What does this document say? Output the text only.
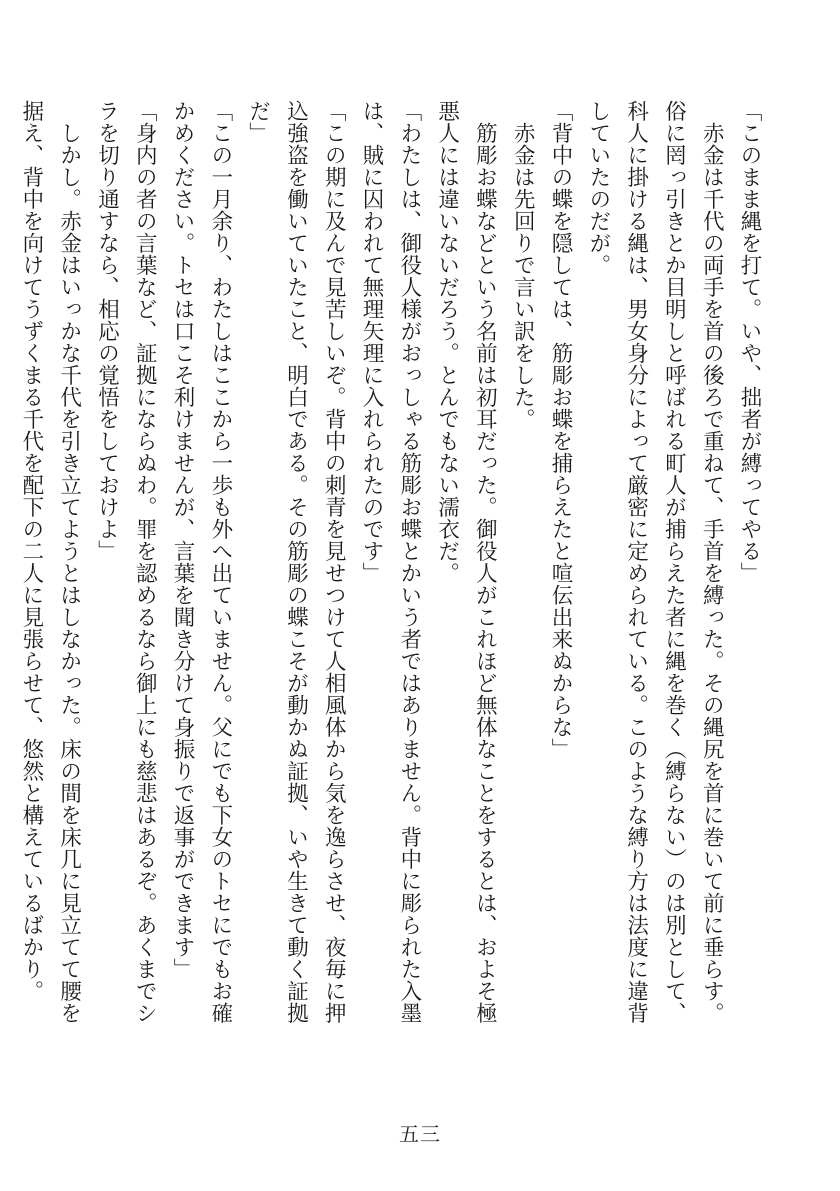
「このまま縄を打て。いや、拙者が縛ってやる」

赤金は千代の両手を首の後ろで重ねて、手首を縛った。その縄尻を首に巻いて前に垂らす。俗に罔っ引きとか目明しと呼ばれる町人が捕らえた者に縄を巻く（縛らない）のは別として、科人に掛ける縄は、男女身分によって厳密に定められている。このような縛り方は法度に違背していたのだが。

「背中の蝶を隠しては、筋彫お蝶を捕らえたと喧伝出来ぬからな」

赤金は先回りで言い訳をした。

筋彫お蝶などという名前は初耳だった。御役人がこれほど無体なことをするとは、およそ極悪人には違いないだろう。とんでもない濡衣だ。

「わたしは、御役人様がおっしゃる筋彫お蝶とかいう者ではありません。背中に彫られた入墨は、賊に囚われて無理矢理に入れられたのです」

「この期に及んで見苦しいぞ。背中の刺青を見せつけて人相風体から気を逸らさせ、夜毎に押込強盗を働いていたこと、明白である。その筋彫の蝶こそが動かぬ証拠、いや生きて動く証拠だ」

「この一月余り、わたしはここから一歩も外へ出ていません。父にでも下女のトセにでもお確かめください。トセは口こそ利けませんが、言葉を聞き分けて身振りで返事ができます」

「身内の者の言葉など、証拠にならぬわ。罪を認めるなら御上にも慈悲はあるぞ。あくまでシラを切り通すなら、相応の覚悟をしておけよ」

しかし。赤金はいっかな千代を引き立てようとはしなかった。床の間を床几に見立てて腰を据え、背中を向けてうずくまる千代を配下の二人に見張らせて、悠然と構えているばかり。

五三
